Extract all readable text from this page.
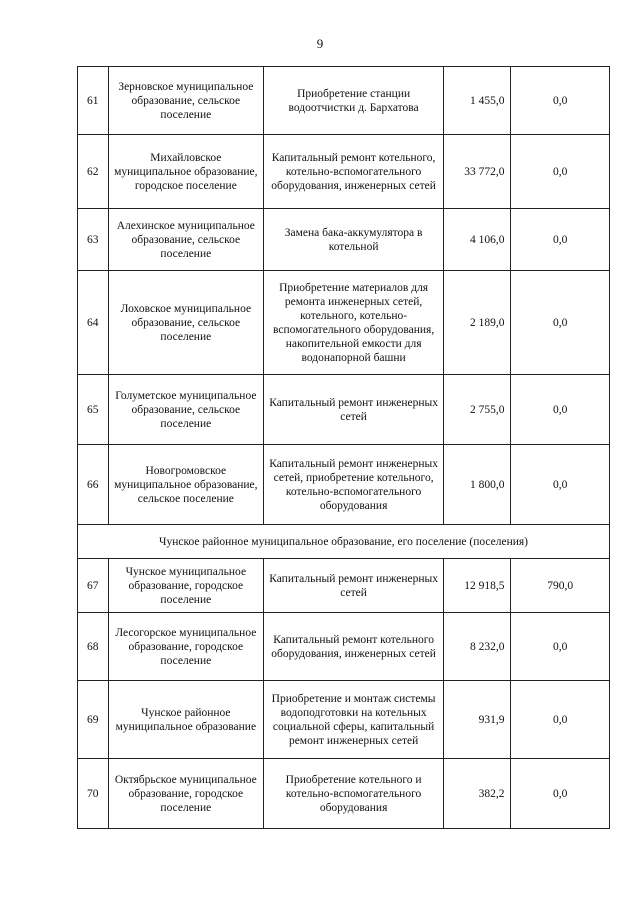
9
61	Зерновское муниципальное образование, сельское поселение	Приобретение станции водоотчистки д. Бархатова	1 455,0	0,0
62	Михайловское муниципальное образование, городское поселение	Капитальный ремонт котельного, котельно-вспомогательного оборудования, инженерных сетей	33 772,0	0,0
63	Алехинское муниципальное образование, сельское поселение	Замена бака-аккумулятора в котельной	4 106,0	0,0
64	Лоховское муниципальное образование, сельское поселение	Приобретение материалов для ремонта инженерных сетей, котельного, котельно-вспомогательного оборудования, накопительной емкости для водонапорной башни	2 189,0	0,0
65	Голуметское муниципальное образование, сельское поселение	Капитальный ремонт инженерных сетей	2 755,0	0,0
66	Новогромовское муниципальное образование, сельское поселение	Капитальный ремонт инженерных сетей, приобретение котельного, котельно-вспомогательного оборудования	1 800,0	0,0
Чунское районное муниципальное образование, его поселение (поселения)				
67	Чунское муниципальное образование, городское поселение	Капитальный ремонт инженерных сетей	12 918,5	790,0
68	Лесогорское муниципальное образование, городское поселение	Капитальный ремонт котельного оборудования, инженерных сетей	8 232,0	0,0
69	Чунское районное муниципальное образование	Приобретение и монтаж системы водоподготовки на котельных социальной сферы, капитальный ремонт инженерных сетей	931,9	0,0
70	Октябрьское муниципальное образование, городское поселение	Приобретение котельного и котельно-вспомогательного оборудования	382,2	0,0
